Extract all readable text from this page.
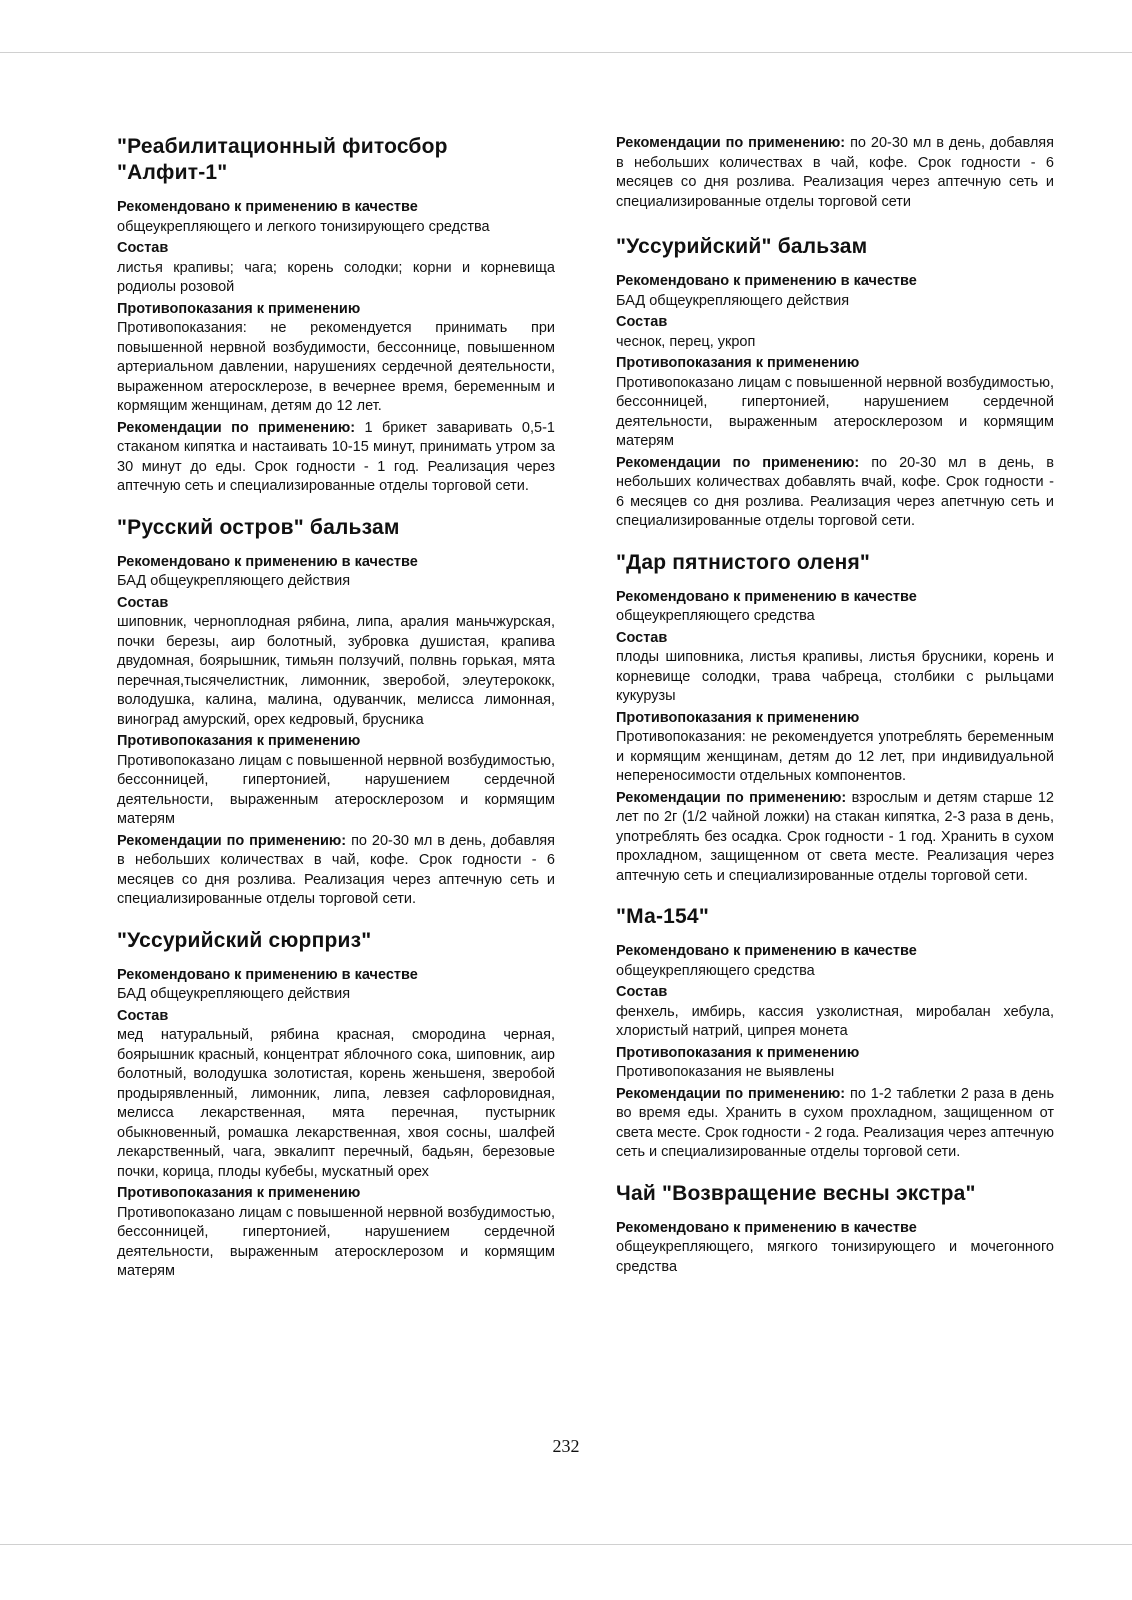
"Реабилитационный фитосбор "Алфит-1"

Рекомендовано к применению в качестве

общеукрепляющего и легкого тонизирующего средства

Состав

листья крапивы; чага; корень солодки; корни и корневища родиолы розовой

Противопоказания к применению

Противопоказания: не рекомендуется принимать при повышенной нервной возбудимости, бессоннице, повышенном артериальном давлении, нарушениях сердечной деятельности, выраженном атеросклерозе, в вечернее время, беременным и кормящим женщинам, детям до 12 лет.

Рекомендации по применению: 1 брикет заваривать 0,5-1 стаканом кипятка и настаивать 10-15 минут, принимать утром за 30 минут до еды. Срок годности - 1 год. Реализация через аптечную сеть и специализированные отделы торговой сети.

"Русский остров" бальзам

Рекомендовано к применению в качестве

БАД общеукрепляющего действия

Состав

шиповник, черноплодная рябина, липа, аралия маньчжурская, почки березы, аир болотный, зубровка душистая, крапива двудомная, боярышник, тимьян ползучий, полвнь горькая, мята перечная,тысячелистник, лимонник, зверобой, элеутерококк, володушка, калина, малина, одуванчик, мелисса лимонная, виноград амурский, орех кедровый, брусника

Противопоказания к применению

Противопоказано лицам с повышенной нервной возбудимостью, бессонницей, гипертонией, нарушением сердечной деятельности, выраженным атеросклерозом и кормящим матерям

Рекомендации по применению: по 20-30 мл в день, добавляя в небольших количествах в чай, кофе. Срок годности - 6 месяцев со дня розлива. Реализация через аптечную сеть и специализированные отделы торговой сети.

"Уссурийский сюрприз"

Рекомендовано к применению в качестве

БАД общеукрепляющего действия

Состав

мед натуральный, рябина красная, смородина черная, боярышник красный, концентрат яблочного сока, шиповник, аир болотный, володушка золотистая, корень женьшеня, зверобой продырявленный, лимонник, липа, левзея сафлоровидная, мелисса лекарственная, мята перечная, пустырник обыкновенный, ромашка лекарственная, хвоя сосны, шалфей лекарственный, чага, эвкалипт перечный, бадьян, березовые почки, корица, плоды кубебы, мускатный орех

Противопоказания к применению

Противопоказано лицам с повышенной нервной возбудимостью, бессонницей, гипертонией, нарушением сердечной деятельности, выраженным атеросклерозом и кормящим матерям

Рекомендации по применению: по 20-30 мл в день, добавляя в небольших количествах в чай, кофе. Срок годности - 6 месяцев со дня розлива. Реализация через аптечную сеть и специализированные отделы торговой сети

"Уссурийский" бальзам

Рекомендовано к применению в качестве

БАД общеукрепляющего действия

Состав

чеснок, перец, укроп

Противопоказания к применению

Противопоказано лицам с повышенной нервной возбудимостью, бессонницей, гипертонией, нарушением сердечной деятельности, выраженным атеросклерозом и кормящим матерям

Рекомендации по применению: по 20-30 мл в день, в небольших количествах добавлять вчай, кофе. Срок годности - 6 месяцев со дня розлива. Реализация через апетчную сеть и специализированные отделы торговой сети.

"Дар пятнистого оленя"

Рекомендовано к применению в качестве

общеукрепляющего средства

Состав

плоды шиповника, листья крапивы, листья брусники, корень и корневище солодки, трава чабреца, столбики с рыльцами кукурузы

Противопоказания к применению

Противопоказания: не рекомендуется употреблять беременным и кормящим женщинам, детям до 12 лет, при индивидуальной непереносимости отдельных компонентов.

Рекомендации по применению: взрослым и детям старше 12 лет по 2г (1/2 чайной ложки) на стакан кипятка, 2-3 раза в день, употреблять без осадка. Срок годности - 1 год. Хранить в сухом прохладном, защищенном от света месте. Реализация через аптечную сеть и специализированные отделы торговой сети.

"Ма-154"

Рекомендовано к применению в качестве

общеукрепляющего средства

Состав

фенхель, имбирь, кассия узколистная, миробалан хебула, хлористый натрий, ципрея монета

Противопоказания к применению

Противопоказания не выявлены

Рекомендации по применению: по 1-2 таблетки 2 раза в день во время еды. Хранить в сухом прохладном, защищенном от света месте. Срок годности - 2 года. Реализация через аптечную сеть и специализированные отделы торговой сети.

Чай "Возвращение весны экстра"

Рекомендовано к применению в качестве

общеукрепляющего, мягкого тонизирующего и мочегонного средства

232
